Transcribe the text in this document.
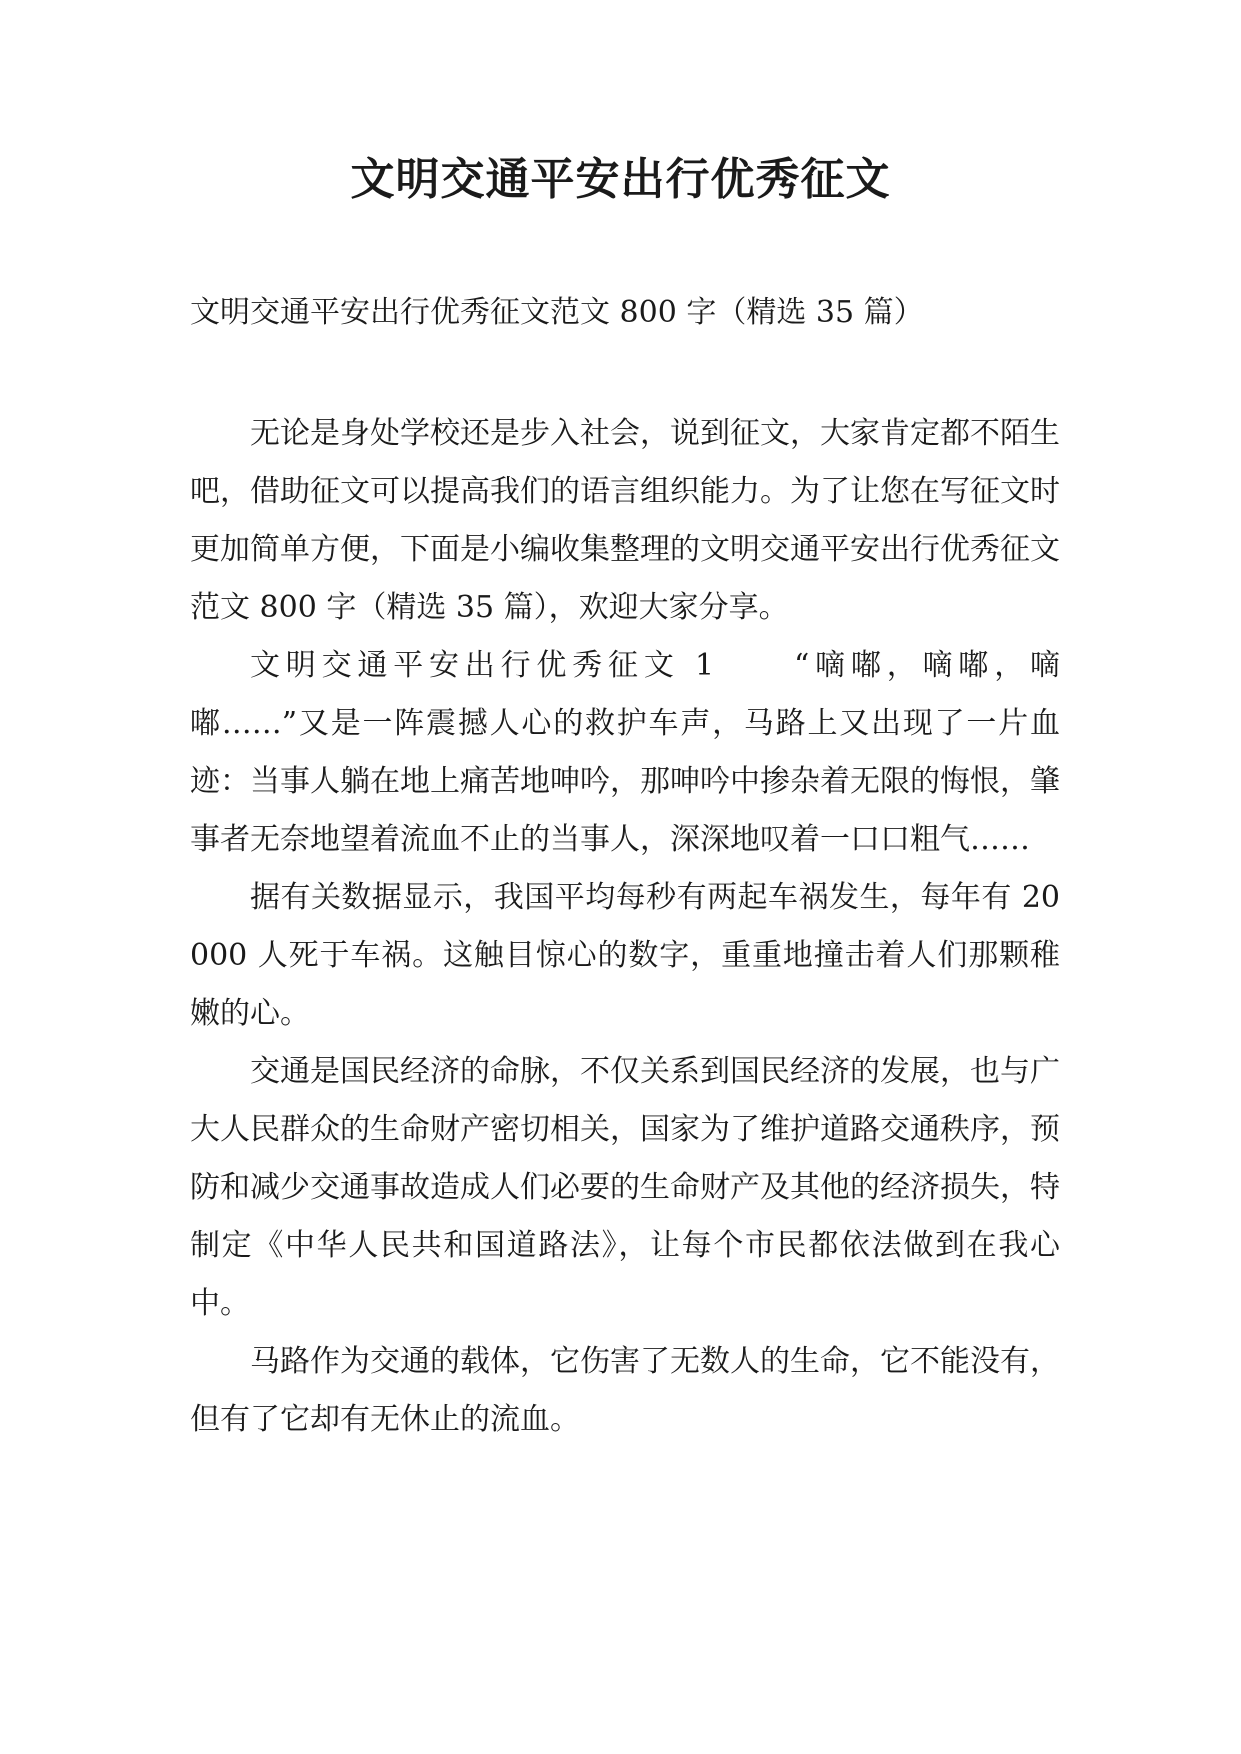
文明交通平安出行优秀征文
文明交通平安出行优秀征文范文 800 字（精选 35 篇）

无论是身处学校还是步入社会，说到征文，大家肯定都不陌生吧，借助征文可以提高我们的语言组织能力。为了让您在写征文时更加简单方便，下面是小编收集整理的文明交通平安出行优秀征文范文 800 字（精选 35 篇），欢迎大家分享。

文明交通平安出行优秀征文 1	“嘀嘟，嘀嘟，嘀嘟……”又是一阵震撼人心的救护车声，马路上又出现了一片血迹：当事人躺在地上痛苦地呻吟，那呻吟中掺杂着无限的悔恨，肇事者无奈地望着流血不止的当事人，深深地叹着一口口粗气……

据有关数据显示，我国平均每秒有两起车祸发生，每年有 20000 人死于车祸。这触目惊心的数字，重重地撞击着人们那颗稚嫩的心。

交通是国民经济的命脉，不仅关系到国民经济的发展，也与广大人民群众的生命财产密切相关，国家为了维护道路交通秩序，预防和减少交通事故造成人们必要的生命财产及其他的经济损失，特制定《中华人民共和国道路法》，让每个市民都依法做到在我心中。

马路作为交通的载体，它伤害了无数人的生命，它不能没有，但有了它却有无休止的流血。
